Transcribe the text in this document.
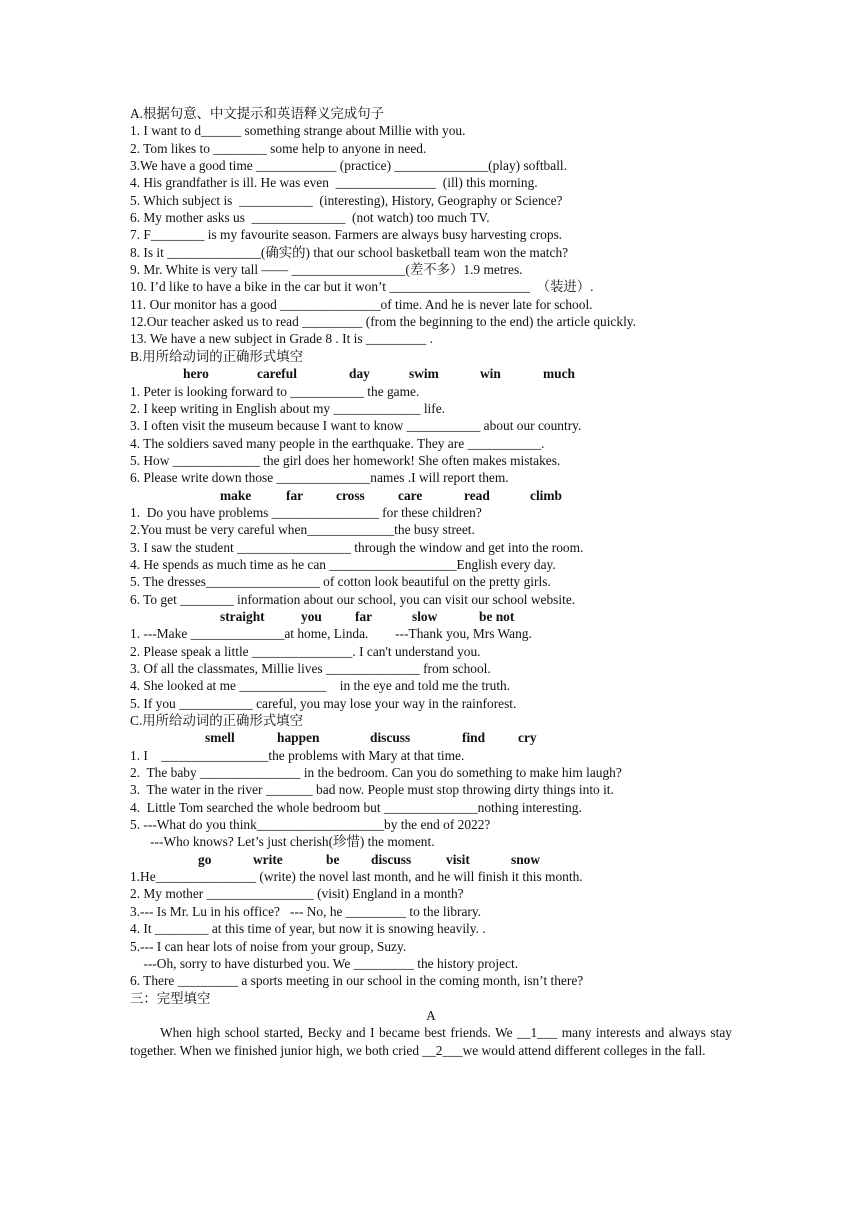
A.根据句意、中文提示和英语释义完成句子
1. I want to d______ something strange about Millie with you.
2. Tom likes to ________ some help to anyone in need.
3.We have a good time ____________ (practice) ______________(play) softball.
4. His grandfather is ill. He was even  _______________  (ill) this morning.
5. Which subject is  ___________  (interesting), History, Geography or Science?
6. My mother asks us  ______________  (not watch) too much TV.
7. F________ is my favourite season. Farmers are always busy harvesting crops.
8. Is it ______________(确实的) that our school basketball team won the match?
9. Mr. White is very tall —— _________________(差不多）1.9 metres.
10. I’d like to have a bike in the car but it won’t _____________________  （装进）.
11. Our monitor has a good _______________of time. And he is never late for school.
12.Our teacher asked us to read _________ (from the beginning to the end) the article quickly.
13. We have a new subject in Grade 8 . It is _________ .
B.用所给动词的正确形式填空
hero	careful	day	swim	win	much
1. Peter is looking forward to ___________ the game.
2. I keep writing in English about my _____________ life.
3. I often visit the museum because I want to know ___________ about our country.
4. The soldiers saved many people in the earthquake. They are ___________.
5. How _____________ the girl does her homework! She often makes mistakes.
6. Please write down those ______________names .I will report them.
make	far	cross	care	read	climb
1.  Do you have problems ________________ for these children?
2.You must be very careful when_____________the busy street.
3. I saw the student _________________ through the window and get into the room.
4. He spends as much time as he can ___________________English every day.
5. The dresses_________________ of cotton look beautiful on the pretty girls.
6. To get ________ information about our school, you can visit our school website.
straight	you	far	slow	be not
1. ---Make ______________at home, Linda.        ---Thank you, Mrs Wang.
2. Please speak a little _______________. I can't understand you.
3. Of all the classmates, Millie lives ______________ from school.
4. She looked at me _____________    in the eye and told me the truth.
5. If you ___________ careful, you may lose your way in the rainforest.
C.用所给动词的正确形式填空
smell	happen	discuss	find	cry
1. I    ________________the problems with Mary at that time.
2.  The baby _______________ in the bedroom. Can you do something to make him laugh?
3.  The water in the river _______ bad now. People must stop throwing dirty things into it.
4.  Little Tom searched the whole bedroom but ______________nothing interesting.
5. ---What do you think___________________by the end of 2022?
---Who knows? Let’s just cherish(珍惜) the moment.
go	write	be	discuss	visit	snow
1.He_______________ (write) the novel last month, and he will finish it this month.
2. My mother ________________ (visit) England in a month?
3.--- Is Mr. Lu in his office?   --- No, he _________ to the library.
4. It ________ at this time of year, but now it is snowing heavily. .
5.--- I can hear lots of noise from your group, Suzy.
---Oh, sorry to have disturbed you. We _________ the history project.
6. There _________ a sports meeting in our school in the coming month, isn’t there?
三：完型填空
A
When high school started, Becky and I became best friends. We __1___ many interests and always stay together. When we finished junior high, we both cried __2___we would attend different colleges in the fall.
